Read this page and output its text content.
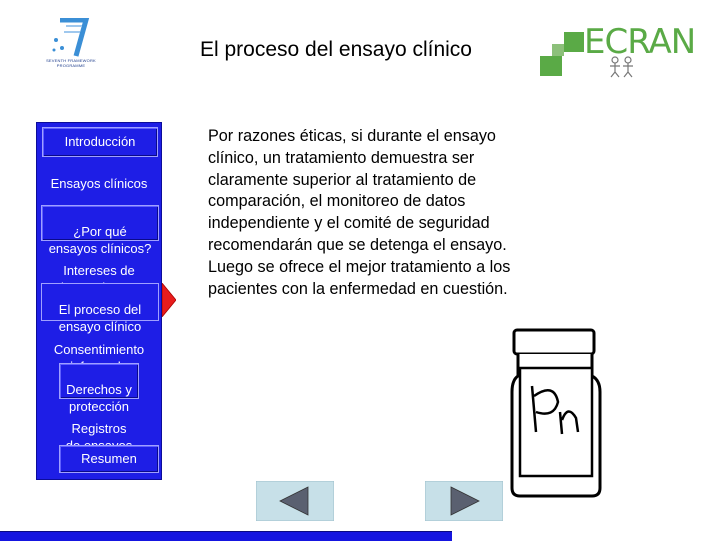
SEVENTH FRAMEWORK PROGRAMME
El proceso del ensayo clínico	ECRAN
Introducción
Ensayos clínicos

¿Por qué
ensayos clínicos?

Intereses de

El proceso del
ensayo clínico

Consentimiento

Derechos y
protección

Registros

Resumen
Por razones éticas, si durante el ensayo clínico, un tratamiento demuestra ser claramente superior al tratamiento de comparación, el monitoreo de datos independiente y el comité de seguridad recomendarán que se detenga el ensayo. Luego se ofrece el mejor tratamiento a los pacientes con la enfermedad en cuestión.
